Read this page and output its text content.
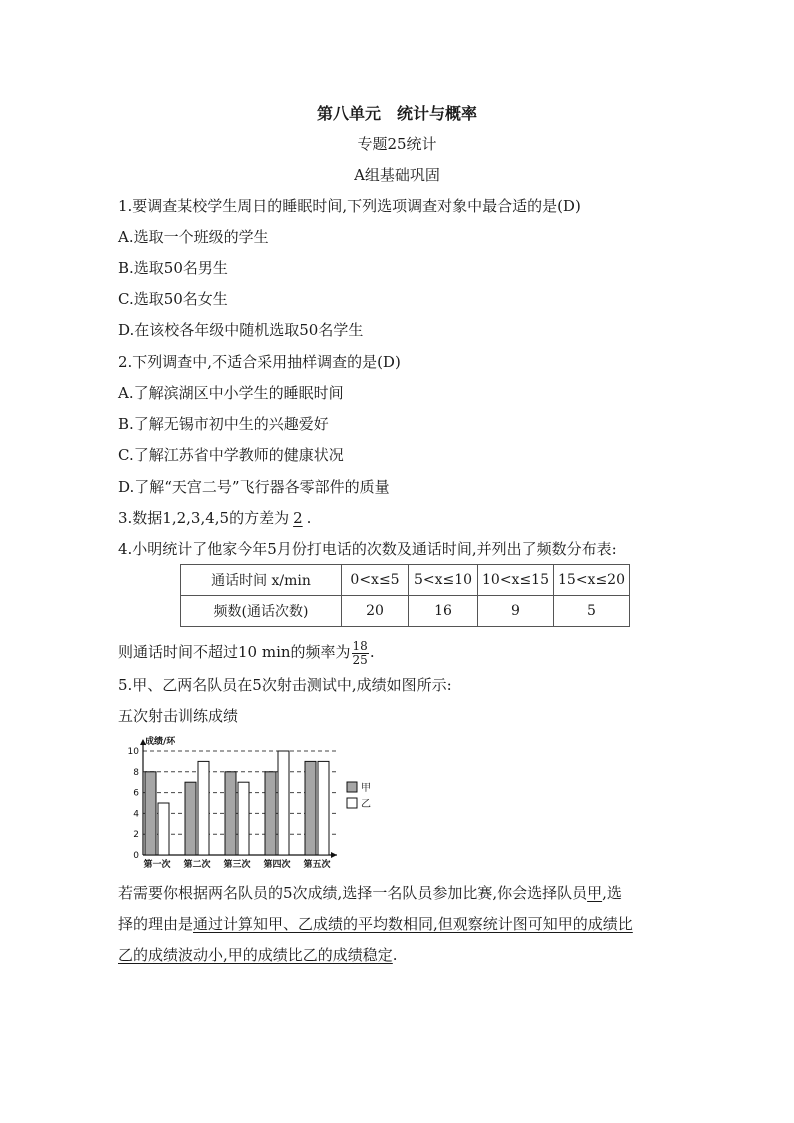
第八单元　统计与概率
专题25统计
A组基础巩固
1.要调查某校学生周日的睡眠时间,下列选项调查对象中最合适的是(D)
A.选取一个班级的学生
B.选取50名男生
C.选取50名女生
D.在该校各年级中随机选取50名学生
2.下列调查中,不适合采用抽样调查的是(D)
A.了解滨湖区中小学生的睡眠时间
B.了解无锡市初中生的兴趣爱好
C.了解江苏省中学教师的健康状况
D.了解“天宫二号”飞行器各零部件的质量
3.数据1,2,3,4,5的方差为 2 .
4.小明统计了他家今年5月份打电话的次数及通话时间,并列出了频数分布表:
通话时间 x/min	0<x≤5	5<x≤10	10<x≤15	15<x≤20
频数(通话次数)	20	16	9	5
则通话时间不超过10 min的频率为 $\frac{18}{25}$ .
5.甲、乙两名队员在5次射击测试中,成绩如图所示:
五次射击训练成绩
0
2
4
6
8
10
成绩/环
第一次 第二次 第三次 第四次 第五次
甲
乙
若需要你根据两名队员的5次成绩,选择一名队员参加比赛,你会选择队员甲,选
择的理由是通过计算知甲、乙成绩的平均数相同,但观察统计图可知甲的成绩比
乙的成绩波动小,甲的成绩比乙的成绩稳定.
